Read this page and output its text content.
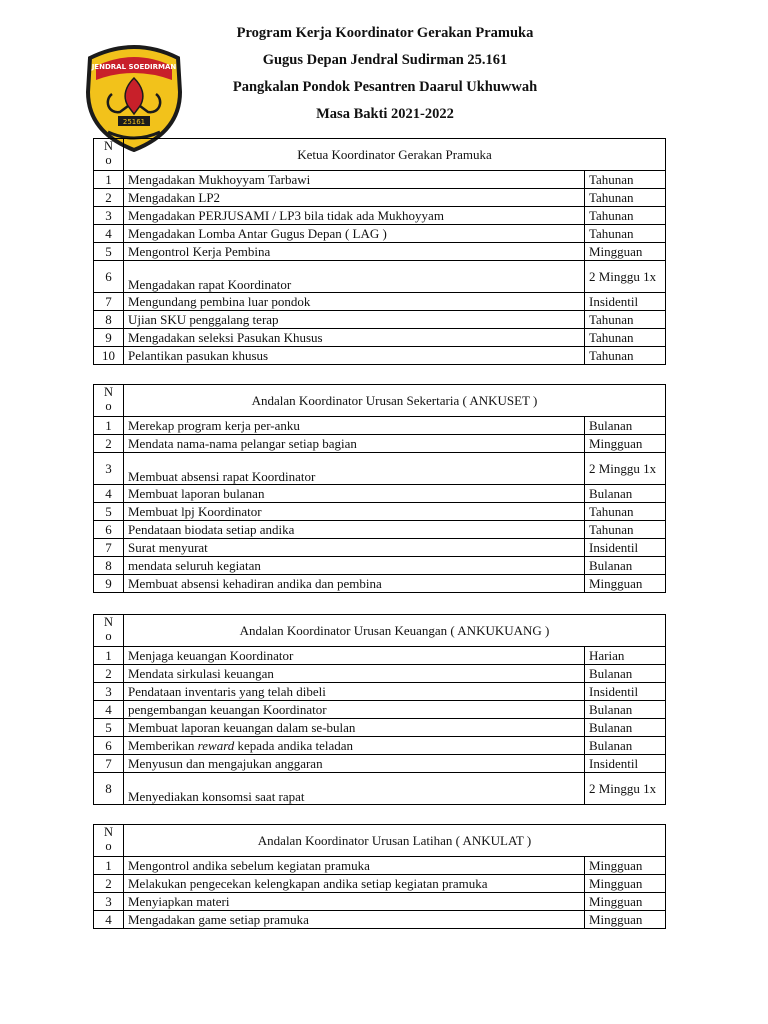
Program Kerja Koordinator Gerakan Pramuka
Gugus Depan Jendral Sudirman 25.161
Pangkalan Pondok Pesantren Daarul Ukhuwwah
Masa Bakti 2021-2022
JENDRAL SOEDIRMAN
25161
No	Ketua Koordinator Gerakan Pramuka	
1	Mengadakan Mukhoyyam Tarbawi	Tahunan
2	Mengadakan LP2	Tahunan
3	Mengadakan PERJUSAMI / LP3 bila tidak ada Mukhoyyam	Tahunan
4	Mengadakan Lomba Antar Gugus Depan ( LAG )	Tahunan
5	Mengontrol Kerja Pembina	Mingguan
6	Mengadakan rapat Koordinator	2 Minggu 1x
7	Mengundang pembina luar pondok	Insidentil
8	Ujian SKU penggalang terap	Tahunan
9	Mengadakan seleksi Pasukan Khusus	Tahunan
10	Pelantikan pasukan khusus	Tahunan
No	Andalan Koordinator Urusan Sekertaria ( ANKUSET )	
1	Merekap program kerja per-anku	Bulanan
2	Mendata nama-nama pelangar setiap bagian	Mingguan
3	Membuat absensi rapat Koordinator	2 Minggu 1x
4	Membuat laporan bulanan	Bulanan
5	Membuat lpj Koordinator	Tahunan
6	Pendataan biodata setiap andika	Tahunan
7	Surat menyurat	Insidentil
8	mendata seluruh kegiatan	Bulanan
9	Membuat absensi kehadiran andika dan pembina	Mingguan
No	Andalan Koordinator Urusan Keuangan ( ANKUKUANG )	
1	Menjaga keuangan Koordinator	Harian
2	Mendata sirkulasi keuangan	Bulanan
3	Pendataan inventaris yang telah dibeli	Insidentil
4	pengembangan keuangan Koordinator	Bulanan
5	Membuat laporan keuangan dalam se-bulan	Bulanan
6	Memberikan reward kepada andika teladan	Bulanan
7	Menyusun dan mengajukan anggaran	Insidentil
8	Menyediakan konsomsi saat rapat	2 Minggu 1x
No	Andalan Koordinator Urusan Latihan ( ANKULAT )	
1	Mengontrol andika sebelum kegiatan pramuka	Mingguan
2	Melakukan pengecekan kelengkapan andika setiap kegiatan pramuka	Mingguan
3	Menyiapkan materi	Mingguan
4	Mengadakan game setiap pramuka	Mingguan
